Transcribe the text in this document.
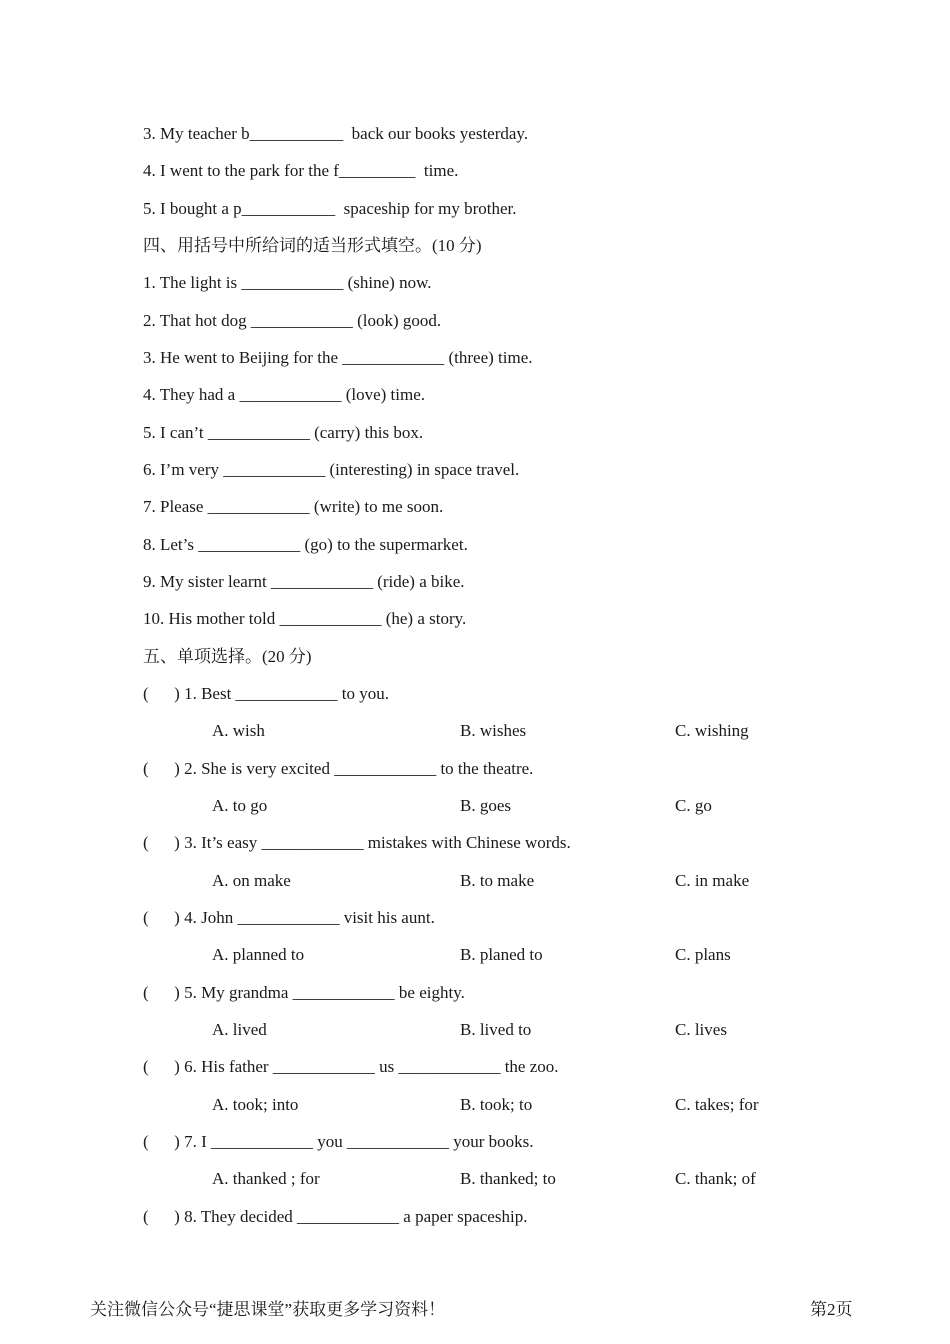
3. My teacher b___________  back our books yesterday.
4. I went to the park for the f_________  time.
5. I bought a p___________  spaceship for my brother.
四、用括号中所给词的适当形式填空。(10 分)
1. The light is ____________ (shine) now.
2. That hot dog ____________ (look) good.
3. He went to Beijing for the ____________ (three) time.
4. They had a ____________ (love) time.
5. I can’t ____________ (carry) this box.
6. I’m very ____________ (interesting) in space travel.
7. Please ____________ (write) to me soon.
8. Let’s ____________ (go) to the supermarket.
9. My sister learnt ____________ (ride) a bike.
10. His mother told ____________ (he) a story.
五、单项选择。(20 分)
(      ) 1. Best ____________ to you.
A. wish	B. wishes	C. wishing
(      ) 2. She is very excited ____________ to the theatre.
A. to go	B. goes	C. go
(      ) 3. It’s easy ____________ mistakes with Chinese words.
A. on make	B. to make	C. in make
(      ) 4. John ____________ visit his aunt.
A. planned to	B. planed to	C. plans
(      ) 5. My grandma ____________ be eighty.
A. lived	B. lived to	C. lives
(      ) 6. His father ____________ us ____________ the zoo.
A. took; into	B. took; to	C. takes; for
(      ) 7. I ____________ you ____________ your books.
A. thanked ; for	B. thanked; to	C. thank; of
(      ) 8. They decided ____________ a paper spaceship.
关注微信公众号“捷思课堂”获取更多学习资料！	第2页
